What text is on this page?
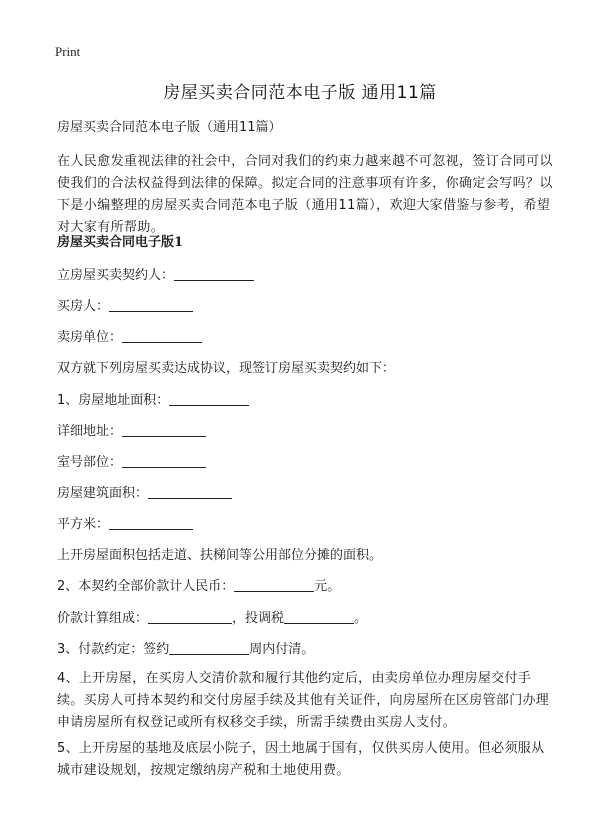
Print
房屋买卖合同范本电子版 通用11篇
房屋买卖合同范本电子版（通用11篇）
在人民愈发重视法律的社会中，合同对我们的约束力越来越不可忽视，签订合同可以使我们的合法权益得到法律的保障。拟定合同的注意事项有许多，你确定会写吗？以下是小编整理的房屋买卖合同范本电子版（通用11篇），欢迎大家借鉴与参考，希望对大家有所帮助。
房屋买卖合同电子版1
立房屋买卖契约人：
买房人：
卖房单位：
双方就下列房屋买卖达成协议，现签订房屋买卖契约如下：
1、房屋地址面积：
详细地址：
室号部位：
房屋建筑面积：
平方米：
上开房屋面积包括走道、扶梯间等公用部位分摊的面积。
2、本契约全部价款计人民币：	元。
价款计算组成：	，投调税	。
3、付款约定：签约	周内付清。
4、上开房屋，在买房人交清价款和履行其他约定后，由卖房单位办理房屋交付手续。买房人可持本契约和交付房屋手续及其他有关证件，向房屋所在区房管部门办理申请房屋所有权登记或所有权移交手续，所需手续费由买房人支付。
5、上开房屋的基地及底层小院子，因土地属于国有，仅供买房人使用。但必须服从城市建设规划，按规定缴纳房产税和土地使用费。
